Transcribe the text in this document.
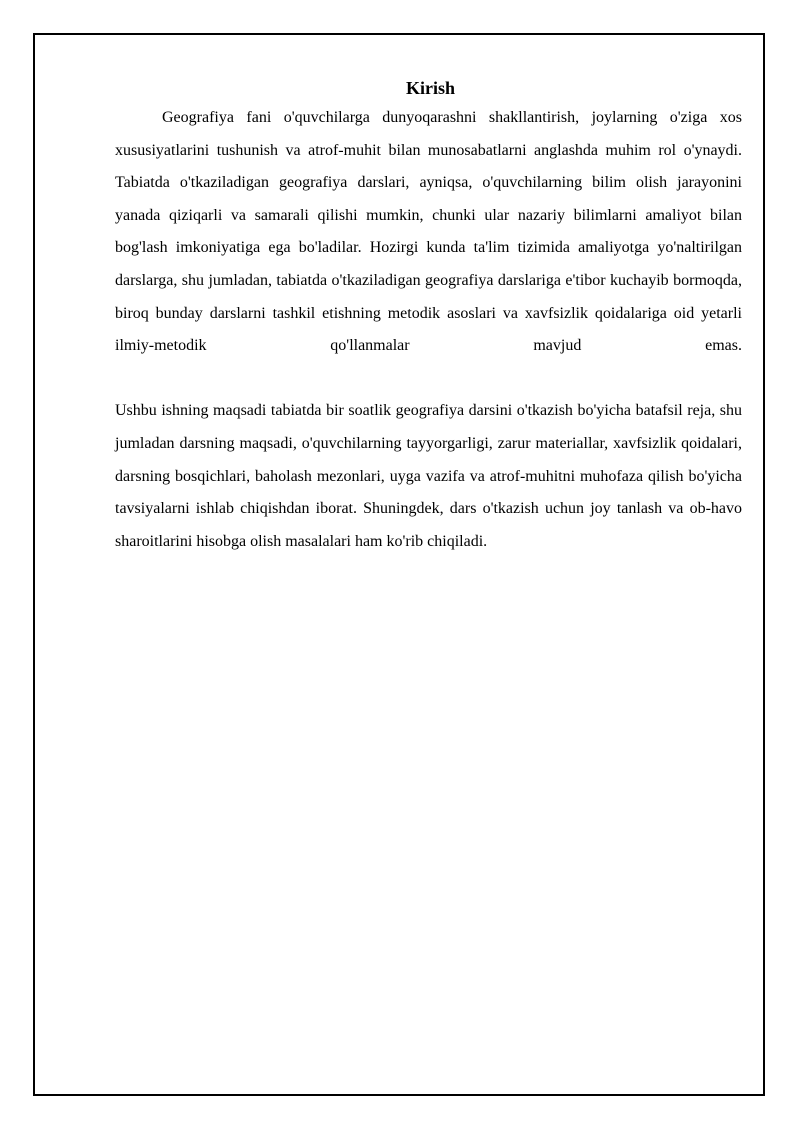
Kirish

Geografiya fani o'quvchilarga dunyoqarashni shakllantirish, joylarning o'ziga xos xususiyatlarini tushunish va atrof-muhit bilan munosabatlarni anglashda muhim rol o'ynaydi. Tabiatda o'tkaziladigan geografiya darslari, ayniqsa, o'quvchilarning bilim olish jarayonini yanada qiziqarli va samarali qilishi mumkin, chunki ular nazariy bilimlarni amaliyot bilan bog'lash imkoniyatiga ega bo'ladilar. Hozirgi kunda ta'lim tizimida amaliyotga yo'naltirilgan darslarga, shu jumladan, tabiatda o'tkaziladigan geografiya darslariga e'tibor kuchayib bormoqda, biroq bunday darslarni tashkil etishning metodik asoslari va xavfsizlik qoidalariga oid yetarli ilmiy-metodik qo'llanmalar mavjud emas.

Ushbu ishning maqsadi tabiatda bir soatlik geografiya darsini o'tkazish bo'yicha batafsil reja, shu jumladan darsning maqsadi, o'quvchilarning tayyorgarligi, zarur materiallar, xavfsizlik qoidalari, darsning bosqichlari, baholash mezonlari, uyga vazifa va atrof-muhitni muhofaza qilish bo'yicha tavsiyalarni ishlab chiqishdan iborat. Shuningdek, dars o'tkazish uchun joy tanlash va ob-havo sharoitlarini hisobga olish masalalari ham ko'rib chiqiladi.
